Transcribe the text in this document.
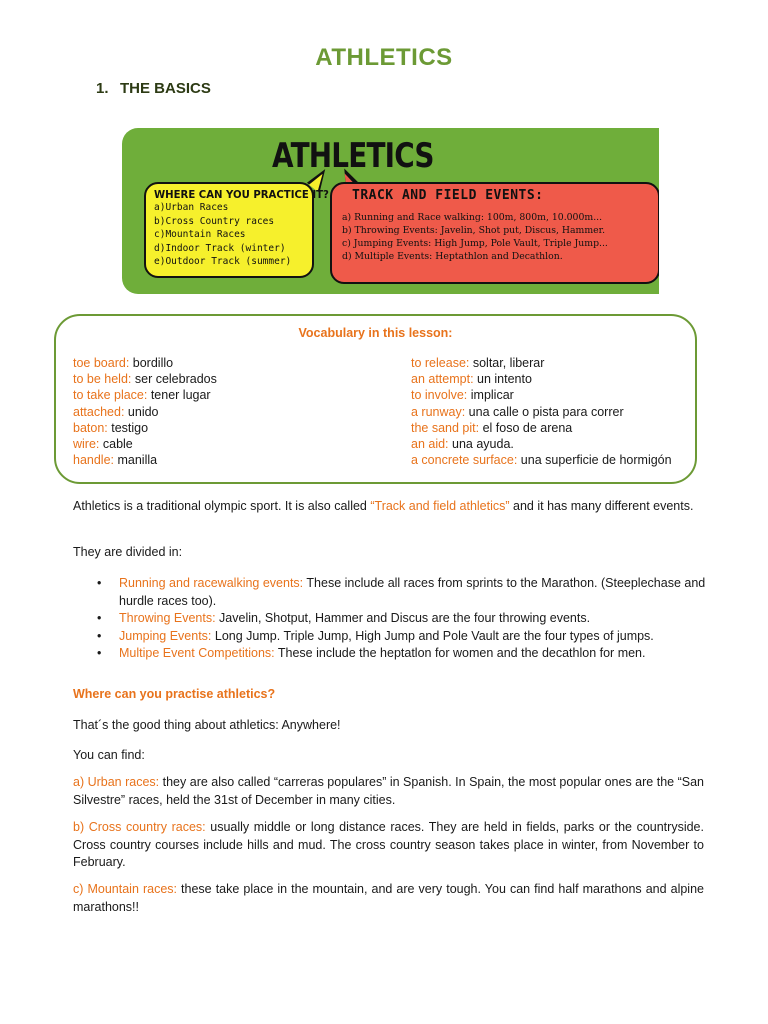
ATHLETICS
1. THE BASICS
ATHLETICS
WHERE CAN YOU PRACTICE IT?
a)Urban Races
b)Cross Country races
c)Mountain Races
d)Indoor Track (winter)
e)Outdoor Track (summer)
TRACK AND FIELD EVENTS:
a) Running and Race walking: 100m, 800m, 10.000m...
b) Throwing Events: Javelin, Shot put, Discus, Hammer.
c) Jumping Events: High Jump, Pole Vault, Triple Jump...
d) Multiple Events: Heptathlon and Decathlon.
Vocabulary in this lesson:
toe board: bordillo
to be held: ser celebrados
to take place: tener lugar
attached: unido
baton: testigo
wire: cable
handle: manilla
to release: soltar, liberar
an attempt: un intento
to involve: implicar
a runway: una calle o pista para correr
the sand pit: el foso de arena
an aid: una ayuda.
a concrete surface: una superficie de hormigón
Athletics is a traditional olympic sport. It is also called “Track and field athletics” and it has many different events.
They are divided in:
• Running and racewalking events: These include all races from sprints to the Marathon. (Steeplechase and hurdle races too).
• Throwing Events: Javelin, Shotput, Hammer and Discus are the four throwing events.
• Jumping Events: Long Jump. Triple Jump, High Jump and Pole Vault are the four types of jumps.
• Multipe Event Competitions: These include the heptatlon for women and the decathlon for men.
Where can you practise athletics?
That´s the good thing about athletics: Anywhere!
You can find:
a) Urban races: they are also called “carreras populares” in Spanish. In Spain, the most popular ones are the “San Silvestre” races, held the 31st of December in many cities.
b) Cross country races: usually middle or long distance races. They are held in fields, parks or the countryside. Cross country courses include hills and mud. The cross country season takes place in winter, from November to February.
c) Mountain races: these take place in the mountain, and are very tough. You can find half marathons and alpine marathons!!
